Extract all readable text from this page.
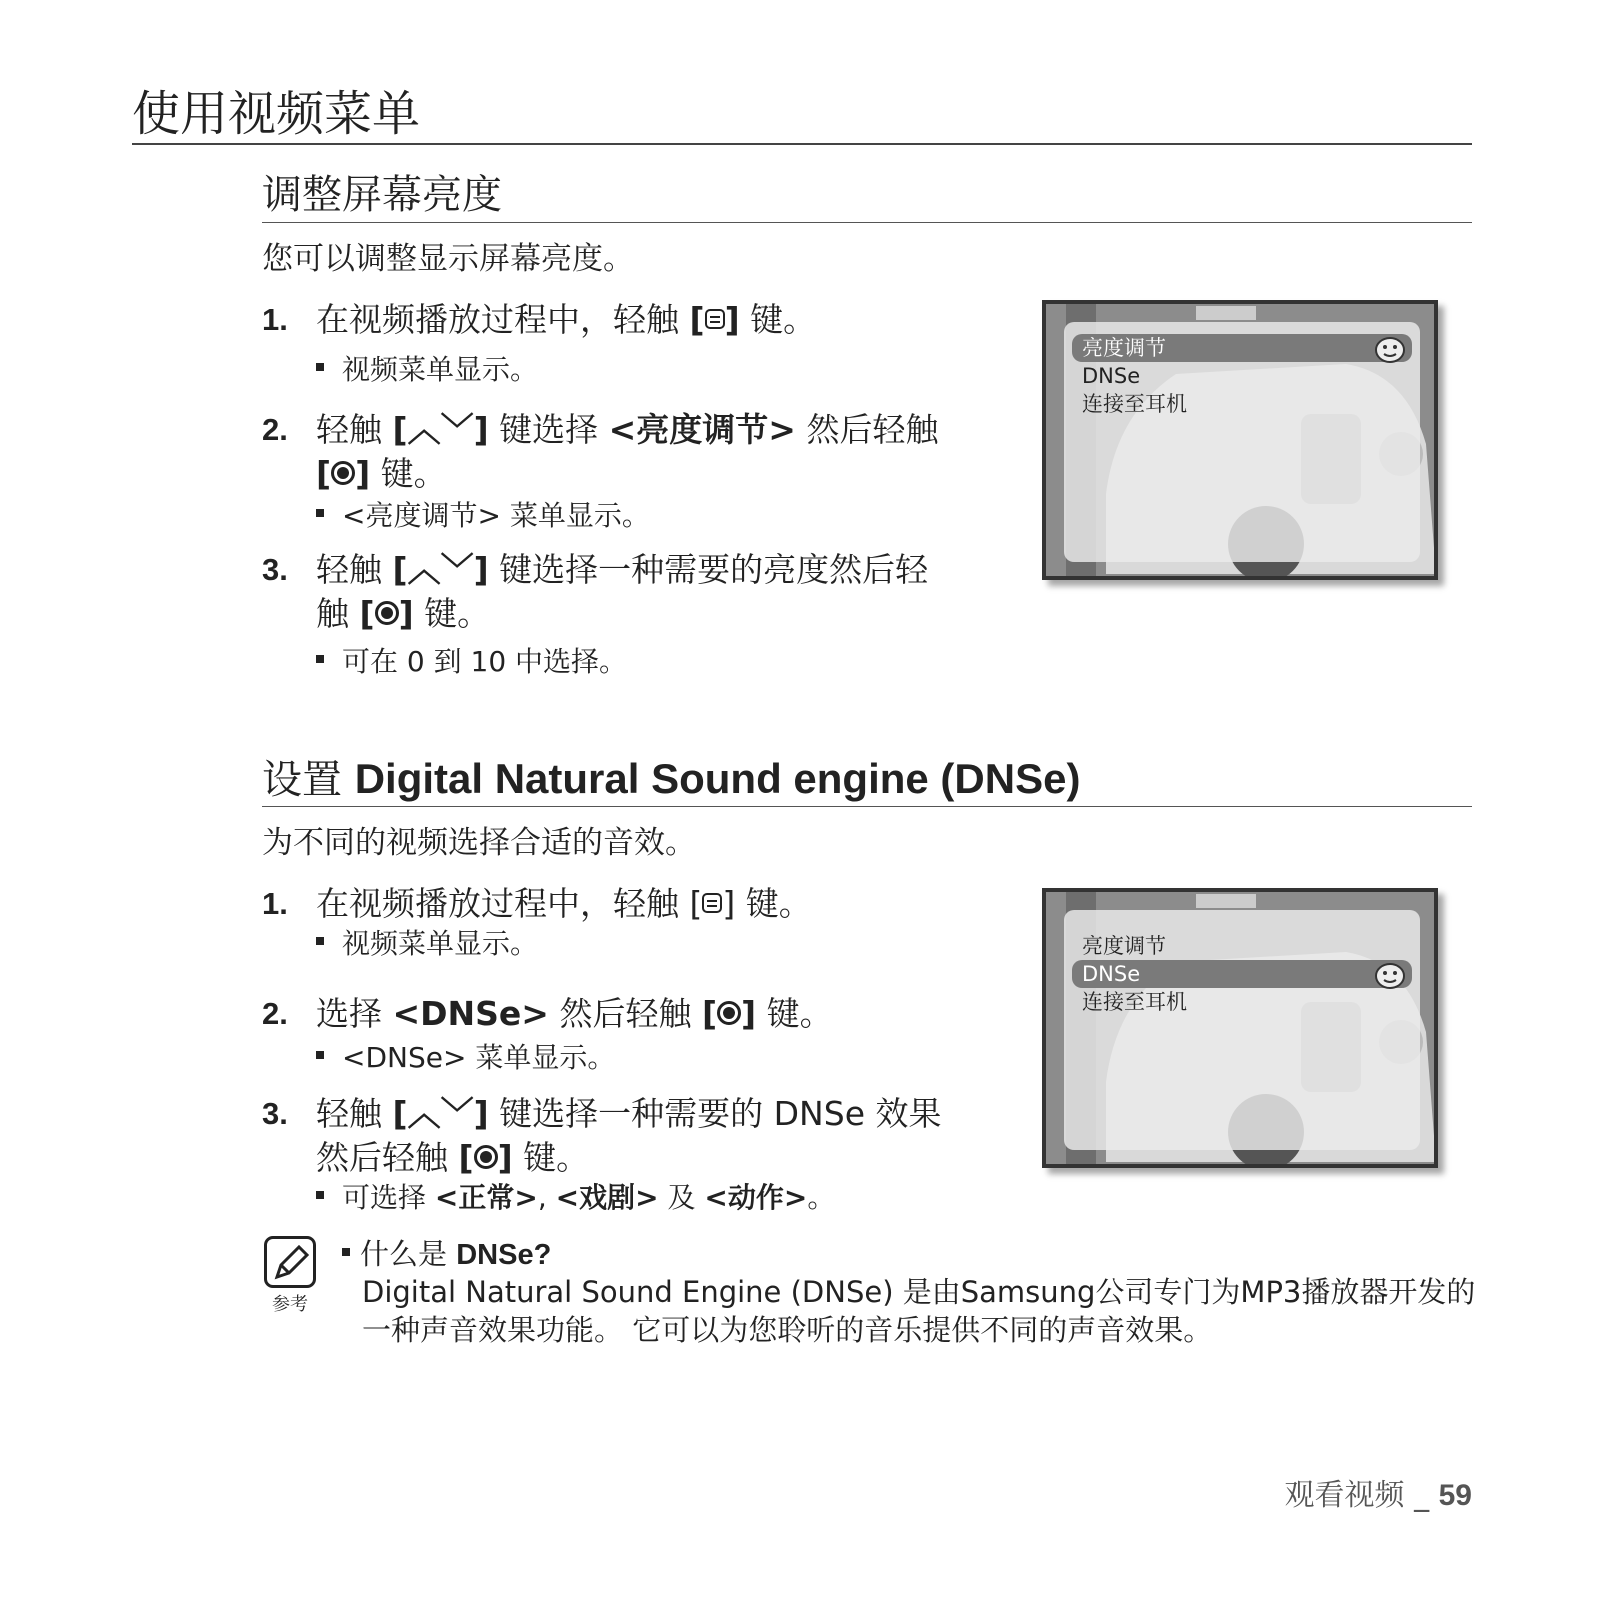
使用视频菜单
调整屏幕亮度
您可以调整显示屏幕亮度。
1. 在视频播放过程中，轻触 [ ] 键。
视频菜单显示。
2. 轻触 [︿﹀] 键选择 <亮度调节> 然后轻触
[ ] 键。
<亮度调节> 菜单显示。
3. 轻触 [︿﹀] 键选择一种需要的亮度然后轻
触 [ ] 键。
可在 0 到 10 中选择。
亮度调节
DNSe
连接至耳机
设置 Digital Natural Sound engine (DNSe)
为不同的视频选择合适的音效。
1. 在视频播放过程中，轻触 [ ] 键。
视频菜单显示。
2. 选择 <DNSe> 然后轻触 [ ] 键。
<DNSe> 菜单显示。
3. 轻触 [︿﹀] 键选择一种需要的 DNSe 效果
然后轻触 [ ] 键。
可选择 <正常>, <戏剧> 及 <动作>。
亮度调节
DNSe
连接至耳机
参考
什么是 DNSe?
Digital Natural Sound Engine (DNSe) 是由Samsung公司专门为MP3播放器开发的
一种声音效果功能。 它可以为您聆听的音乐提供不同的声音效果。
观看视频 _ 59
